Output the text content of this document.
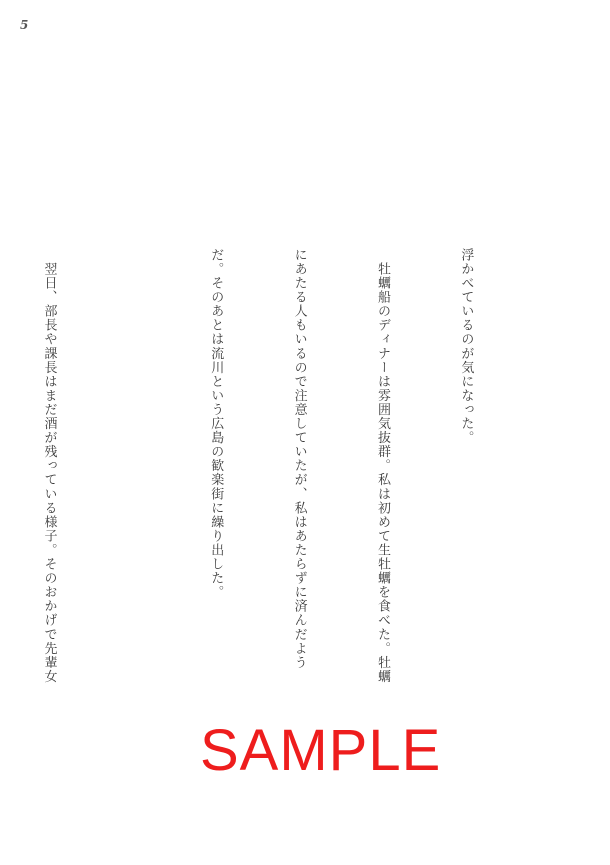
5

浮かべているのが気になった。

　牡蠣船のディナーは雰囲気抜群。私は初めて生牡蠣を食べた。牡蠣

にあたる人もいるので注意していたが、私はあたらずに済んだよう

だ。そのあとは流川という広島の歓楽街に繰り出した。

　翌日、部長や課長はまだ酒が残っている様子。そのおかげで先輩女

SAMPLE
